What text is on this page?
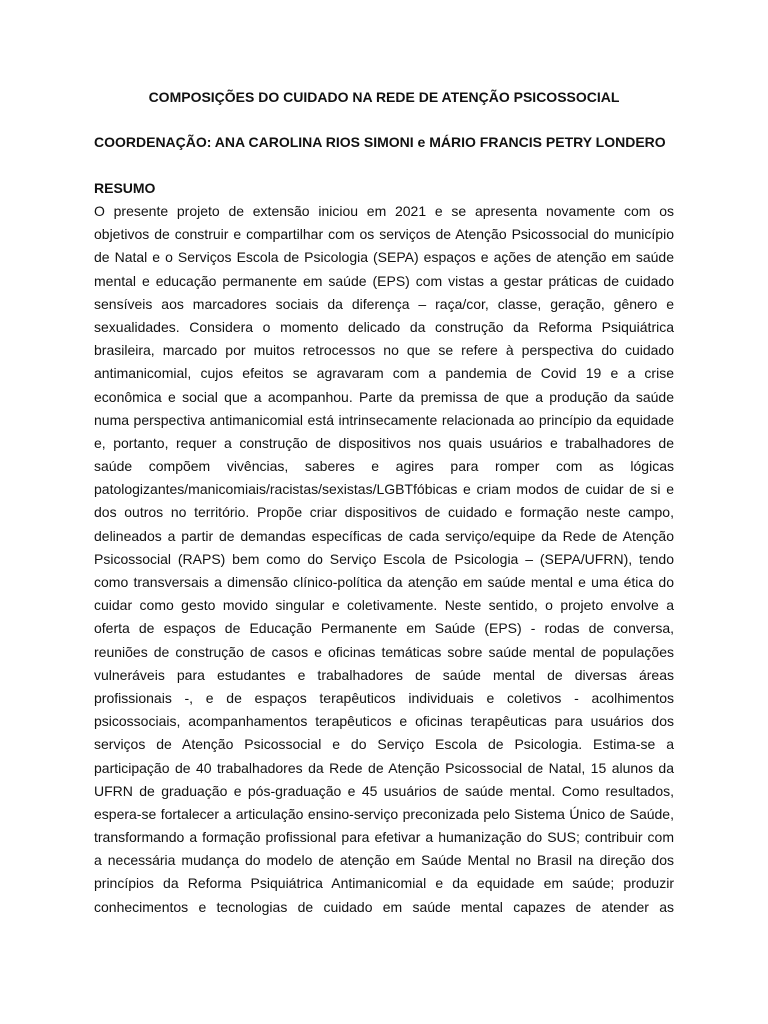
COMPOSIÇÕES DO CUIDADO NA REDE DE ATENÇÃO PSICOSSOCIAL

COORDENAÇÃO: ANA CAROLINA RIOS SIMONI e MÁRIO FRANCIS PETRY LONDERO

RESUMO
O presente projeto de extensão iniciou em 2021 e se apresenta novamente com os
objetivos de construir e compartilhar com os serviços de Atenção Psicossocial do município
de Natal e o Serviços Escola de Psicologia (SEPA) espaços e ações de atenção em saúde
mental e educação permanente em saúde (EPS) com vistas a gestar práticas de cuidado
sensíveis aos marcadores sociais da diferença – raça/cor, classe, geração, gênero e
sexualidades. Considera o momento delicado da construção da Reforma Psiquiátrica
brasileira, marcado por muitos retrocessos no que se refere à perspectiva do cuidado
antimanicomial, cujos efeitos se agravaram com a pandemia de Covid 19 e a crise
econômica e social que a acompanhou. Parte da premissa de que a produção da saúde
numa perspectiva antimanicomial está intrinsecamente relacionada ao princípio da equidade
e, portanto, requer a construção de dispositivos nos quais usuários e trabalhadores de
saúde compõem vivências, saberes e agires para romper com as lógicas
patologizantes/manicomiais/racistas/sexistas/LGBTfóbicas e criam modos de cuidar de si e
dos outros no território. Propõe criar dispositivos de cuidado e formação neste campo,
delineados a partir de demandas específicas de cada serviço/equipe da Rede de Atenção
Psicossocial (RAPS) bem como do Serviço Escola de Psicologia – (SEPA/UFRN), tendo
como transversais a dimensão clínico-política da atenção em saúde mental e uma ética do
cuidar como gesto movido singular e coletivamente. Neste sentido, o projeto envolve a
oferta de espaços de Educação Permanente em Saúde (EPS) - rodas de conversa,
reuniões de construção de casos e oficinas temáticas sobre saúde mental de populações
vulneráveis para estudantes e trabalhadores de saúde mental de diversas áreas
profissionais -, e de espaços terapêuticos individuais e coletivos - acolhimentos
psicossociais, acompanhamentos terapêuticos e oficinas terapêuticas para usuários dos
serviços de Atenção Psicossocial e do Serviço Escola de Psicologia. Estima-se a
participação de 40 trabalhadores da Rede de Atenção Psicossocial de Natal, 15 alunos da
UFRN de graduação e pós-graduação e 45 usuários de saúde mental. Como resultados,
espera-se fortalecer a articulação ensino-serviço preconizada pelo Sistema Único de Saúde,
transformando a formação profissional para efetivar a humanização do SUS; contribuir com
a necessária mudança do modelo de atenção em Saúde Mental no Brasil na direção dos
princípios da Reforma Psiquiátrica Antimanicomial e da equidade em saúde; produzir
conhecimentos e tecnologias de cuidado em saúde mental capazes de atender as
